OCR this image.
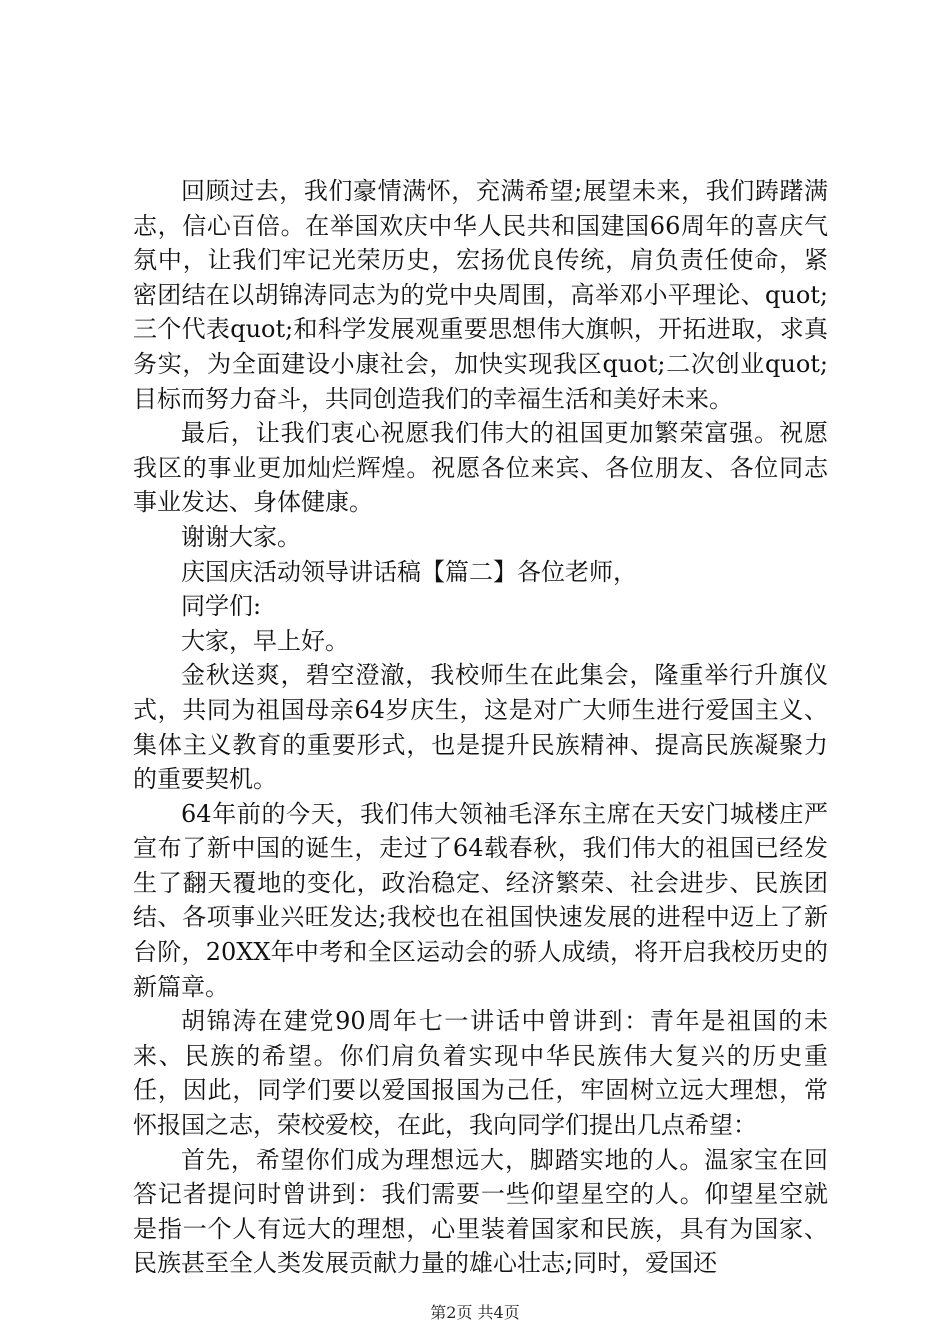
回顾过去，我们豪情满怀，充满希望;展望未来，我们踌躇满志，信心百倍。在举国欢庆中华人民共和国建国66周年的喜庆气氛中，让我们牢记光荣历史，宏扬优良传统，肩负责任使命，紧密团结在以胡锦涛同志为的党中央周围，高举邓小平理论、quot;三个代表quot;和科学发展观重要思想伟大旗帜，开拓进取，求真务实，为全面建设小康社会，加快实现我区quot;二次创业quot;目标而努力奋斗，共同创造我们的幸福生活和美好未来。

最后，让我们衷心祝愿我们伟大的祖国更加繁荣富强。祝愿我区的事业更加灿烂辉煌。祝愿各位来宾、各位朋友、各位同志事业发达、身体健康。

谢谢大家。

庆国庆活动领导讲话稿【篇二】各位老师，

同学们:

大家，早上好。

金秋送爽，碧空澄澈，我校师生在此集会，隆重举行升旗仪式，共同为祖国母亲64岁庆生，这是对广大师生进行爱国主义、集体主义教育的重要形式，也是提升民族精神、提高民族凝聚力的重要契机。

64年前的今天，我们伟大领袖毛泽东主席在天安门城楼庄严宣布了新中国的诞生，走过了64载春秋，我们伟大的祖国已经发生了翻天覆地的变化，政治稳定、经济繁荣、社会进步、民族团结、各项事业兴旺发达;我校也在祖国快速发展的进程中迈上了新台阶，20XX年中考和全区运动会的骄人成绩，将开启我校历史的新篇章。

胡锦涛在建党90周年七一讲话中曾讲到：青年是祖国的未来、民族的希望。你们肩负着实现中华民族伟大复兴的历史重任，因此，同学们要以爱国报国为己任，牢固树立远大理想，常怀报国之志，荣校爱校，在此，我向同学们提出几点希望：

首先，希望你们成为理想远大，脚踏实地的人。温家宝在回答记者提问时曾讲到：我们需要一些仰望星空的人。仰望星空就是指一个人有远大的理想，心里装着国家和民族，具有为国家、民族甚至全人类发展贡献力量的雄心壮志;同时，爱国还

第2页 共4页
